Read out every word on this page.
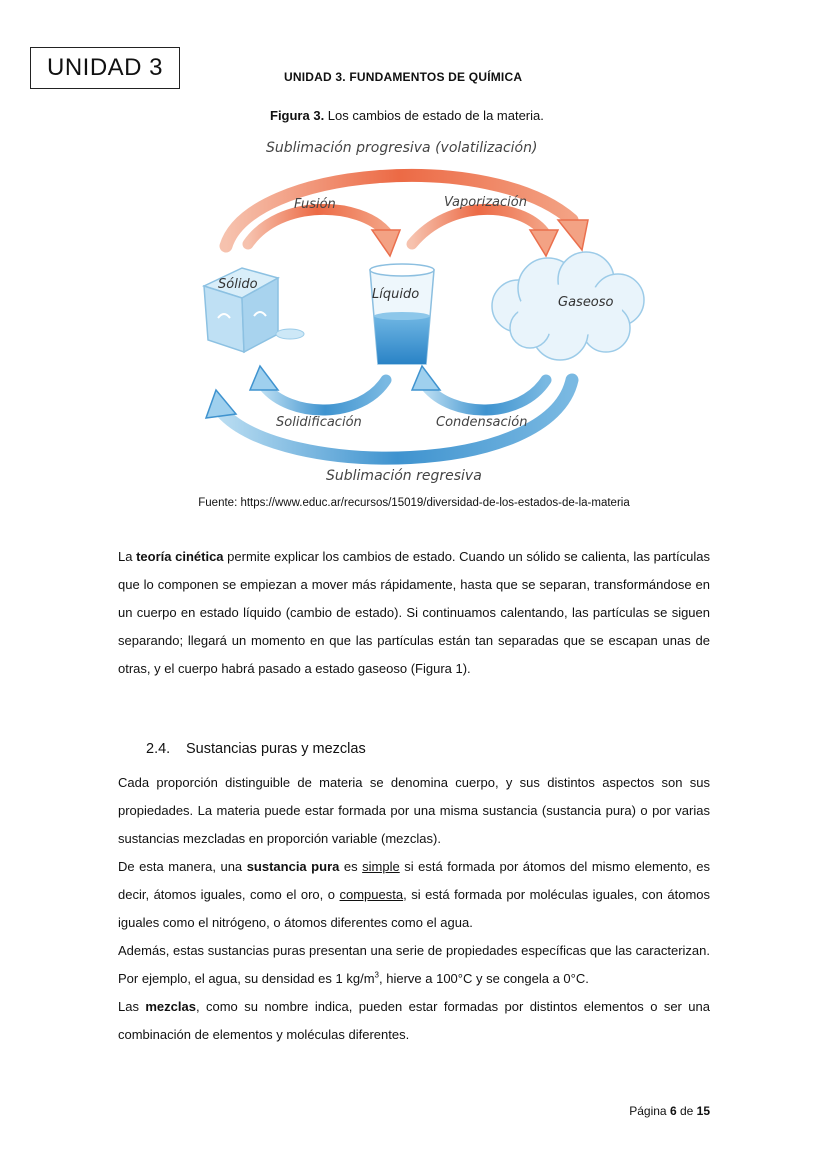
UNIDAD 3	UNIDAD 3. FUNDAMENTOS DE QUÍMICA
Figura 3. Los cambios de estado de la materia.
Sublimación progresiva (volatilización)
Fusión	Vaporización
Sólido
Líquido
Gaseoso
Solidificación	Condensación
Sublimación regresiva
Fuente: https://www.educ.ar/recursos/15019/diversidad-de-los-estados-de-la-materia

La teoría cinética permite explicar los cambios de estado. Cuando un sólido se calienta, las partículas que lo componen se empiezan a mover más rápidamente, hasta que se separan, transformándose en un cuerpo en estado líquido (cambio de estado). Si continuamos calentando, las partículas se siguen separando; llegará un momento en que las partículas están tan separadas que se escapan unas de otras, y el cuerpo habrá pasado a estado gaseoso (Figura 1).

2.4. Sustancias puras y mezclas

Cada proporción distinguible de materia se denomina cuerpo, y sus distintos aspectos son sus propiedades. La materia puede estar formada por una misma sustancia (sustancia pura) o por varias sustancias mezcladas en proporción variable (mezclas).
De esta manera, una sustancia pura es simple si está formada por átomos del mismo elemento, es decir, átomos iguales, como el oro, o compuesta, si está formada por moléculas iguales, con átomos iguales como el nitrógeno, o átomos diferentes como el agua.
Además, estas sustancias puras presentan una serie de propiedades específicas que las caracterizan. Por ejemplo, el agua, su densidad es 1 $kg/m^3$, hierve a 100°C y se congela a 0°C.
Las mezclas, como su nombre indica, pueden estar formadas por distintos elementos o ser una combinación de elementos y moléculas diferentes.

Página 6 de 15
